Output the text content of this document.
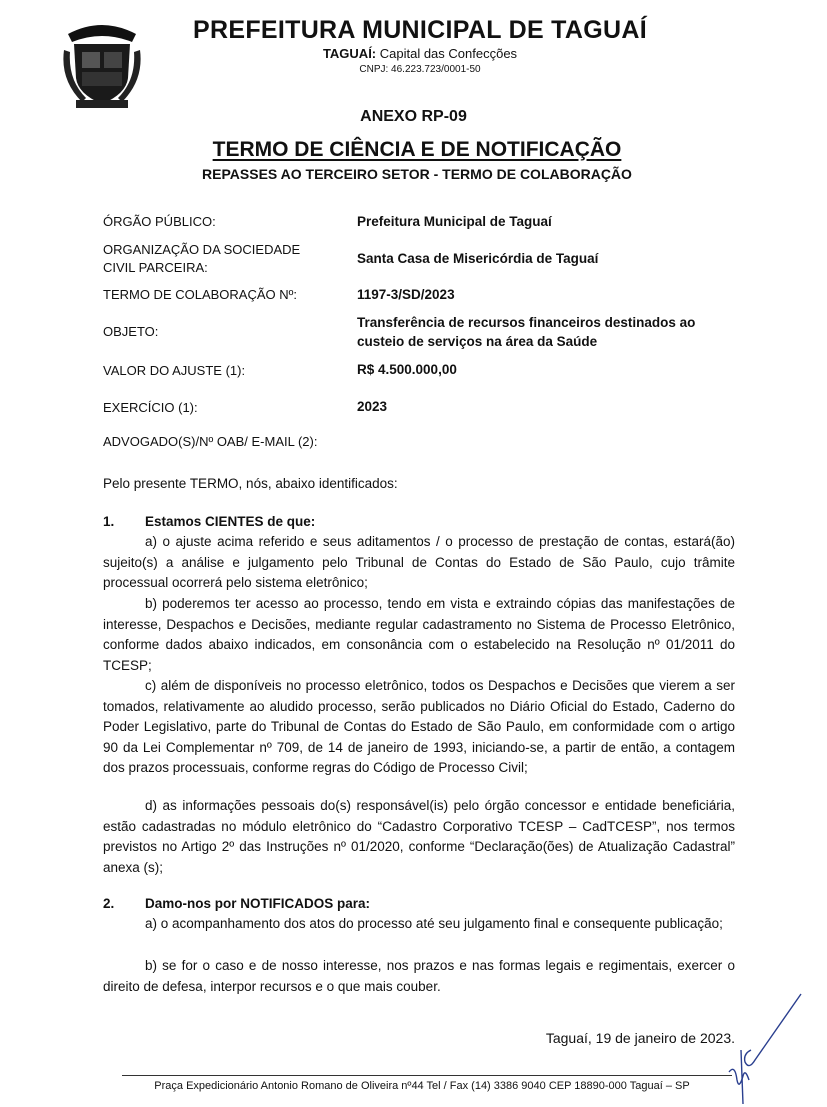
PREFEITURA MUNICIPAL DE TAGUAÍ
TAGUAÍ: Capital das Confecções
CNPJ: 46.223.723/0001-50
ANEXO RP-09
TERMO DE CIÊNCIA E DE NOTIFICAÇÃO
REPASSES AO TERCEIRO SETOR - TERMO DE COLABORAÇÃO
ÓRGÃO PÚBLICO:	Prefeitura Municipal de Taguaí
ORGANIZAÇÃO DA SOCIEDADE CIVIL PARCEIRA:
Santa Casa de Misericórdia de Taguaí
TERMO DE COLABORAÇÃO Nº:	1197-3/SD/2023
OBJETO:
Transferência de recursos financeiros destinados ao custeio de serviços na área da Saúde
VALOR DO AJUSTE (1):	R$ 4.500.000,00
EXERCÍCIO (1):	2023
ADVOGADO(S)/Nº OAB/ E-MAIL (2):
Pelo presente TERMO, nós, abaixo identificados:
1. Estamos CIENTES de que:
a) o ajuste acima referido e seus aditamentos / o processo de prestação de contas, estará(ão) sujeito(s) a análise e julgamento pelo Tribunal de Contas do Estado de São Paulo, cujo trâmite processual ocorrerá pelo sistema eletrônico;
b) poderemos ter acesso ao processo, tendo em vista e extraindo cópias das manifestações de interesse, Despachos e Decisões, mediante regular cadastramento no Sistema de Processo Eletrônico, conforme dados abaixo indicados, em consonância com o estabelecido na Resolução nº 01/2011 do TCESP;
c) além de disponíveis no processo eletrônico, todos os Despachos e Decisões que vierem a ser tomados, relativamente ao aludido processo, serão publicados no Diário Oficial do Estado, Caderno do Poder Legislativo, parte do Tribunal de Contas do Estado de São Paulo, em conformidade com o artigo 90 da Lei Complementar nº 709, de 14 de janeiro de 1993, iniciando-se, a partir de então, a contagem dos prazos processuais, conforme regras do Código de Processo Civil;
d) as informações pessoais do(s) responsável(is) pelo órgão concessor e entidade beneficiária, estão cadastradas no módulo eletrônico do “Cadastro Corporativo TCESP – CadTCESP”, nos termos previstos no Artigo 2º das Instruções nº 01/2020, conforme “Declaração(ões) de Atualização Cadastral” anexa (s);
2. Damo-nos por NOTIFICADOS para:
a) o acompanhamento dos atos do processo até seu julgamento final e consequente publicação;
b) se for o caso e de nosso interesse, nos prazos e nas formas legais e regimentais, exercer o direito de defesa, interpor recursos e o que mais couber.
Taguaí, 19 de janeiro de 2023.
Praça Expedicionário Antonio Romano de Oliveira nº44 Tel / Fax (14) 3386 9040 CEP 18890-000 Taguaí – SP
